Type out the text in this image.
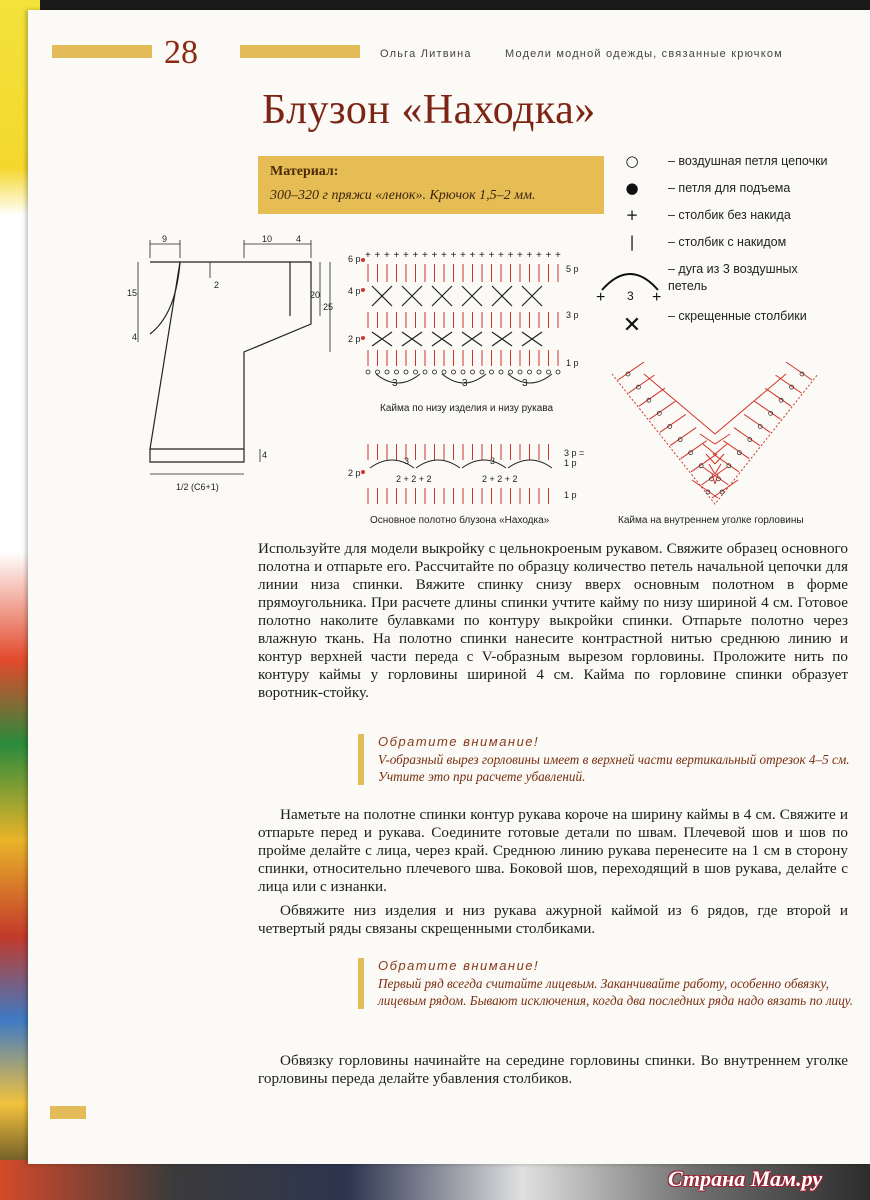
28	Ольга Литвина	Модели модной одежды, связанные крючком
Блузон «Находка»
Материал:
300–320 г пряжи «ленок». Крючок 1,5–2 мм.
○	– воздушная петля цепочки
●	– петля для подъема
+	– столбик без накида
|	– столбик с накидом
– дуга из 3 воздушных петель
+ 3 +
✕ – скрещенные столбики
9	10	4
2
15
4
20
25
4
1/2 (С6+1)
6 р
4 р
2 р
5 р
3 р
1 р
3	3	3
+ + + + + + + + + + + + + + + + + + + + +
Кайма по низу изделия и низу рукава
2 р
3 р =
1 р
1 р
3	3
2 + 2 + 2	2 + 2 + 2
Основное полотно блузона «Находка»	Кайма на внутреннем уголке горловины

Используйте для модели выкройку с цельнокроеным рукавом. Свяжите образец основного полотна и отпарьте его. Рассчитайте по образцу количество петель начальной цепочки для линии низа спинки. Вяжите спинку снизу вверх основным полотном в форме прямоугольника. При расчете длины спинки учтите кайму по низу шириной 4 см. Готовое полотно наколите булавками по контуру выкройки спинки. Отпарьте полотно через влажную ткань. На полотно спинки нанесите контрастной нитью среднюю линию и контур верхней части переда с V-образным вырезом горловины. Проложите нить по контуру каймы у горловины шириной 4 см. Кайма по горловине спинки образует воротник-стойку.

Обратите внимание!

V-образный вырез горловины имеет в верхней части вертикальный отрезок 4–5 см. Учтите это при расчете убавлений.

Наметьте на полотне спинки контур рукава короче на ширину каймы в 4 см. Свяжите и отпарьте перед и рукава. Соедините готовые детали по швам. Плечевой шов и шов по пройме делайте с лица, через край. Среднюю линию рукава перенесите на 1 см в сторону спинки, относительно плечевого шва. Боковой шов, переходящий в шов рукава, делайте с лица или с изнанки.

Обвяжите низ изделия и низ рукава ажурной каймой из 6 рядов, где второй и четвертый ряды связаны скрещенными столбиками.

Обратите внимание!

Первый ряд всегда считайте лицевым. Заканчивайте работу, особенно обвязку, лицевым рядом. Бывают исключения, когда два последних ряда надо вязать по лицу.

Обвязку горловины начинайте на середине горловины спинки. Во внутреннем уголке горловины переда делайте убавления столбиков.

Страна Мам.ру
